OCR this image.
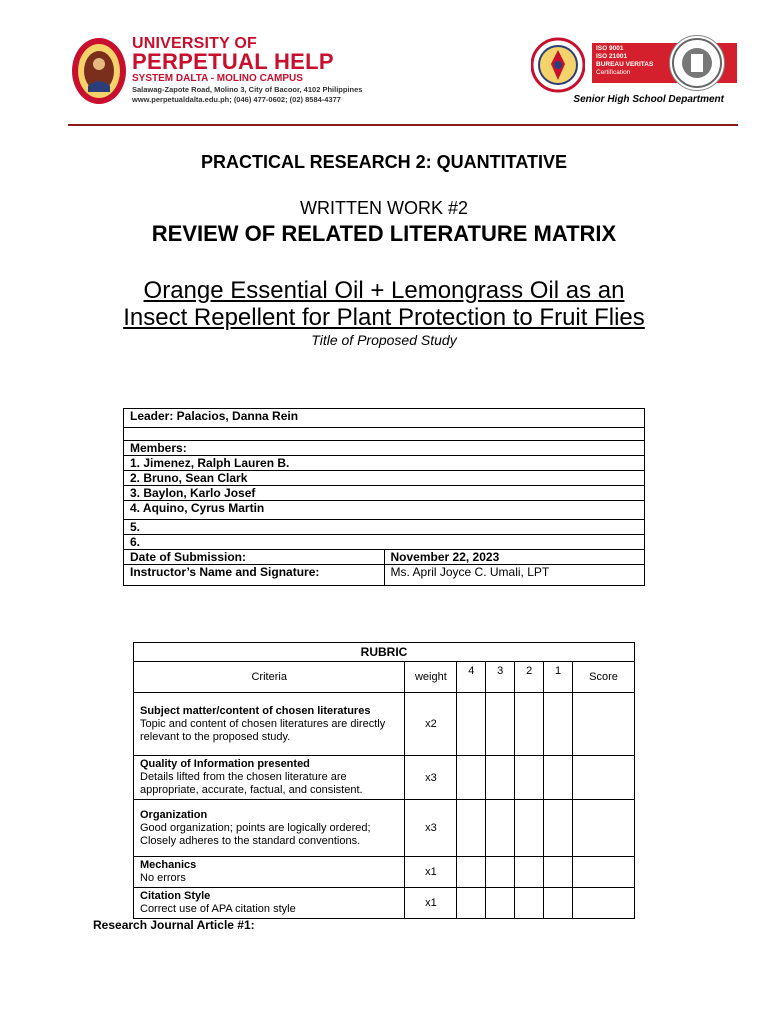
UNIVERSITY OF
PERPETUAL HELP
SYSTEM DALTA - MOLINO CAMPUS
Salawag-Zapote Road, Molino 3, City of Bacoor, 4102 Philippines
www.perpetualdalta.edu.ph; (046) 477-0602; (02) 8584-4377
ISO 9001
ISO 21001
BUREAU VERITAS
Certification
Senior High School Department
PRACTICAL RESEARCH 2: QUANTITATIVE
WRITTEN WORK #2
REVIEW OF RELATED LITERATURE MATRIX
Orange Essential Oil + Lemongrass Oil as an
Insect Repellent for Plant Protection to Fruit Flies
Title of Proposed Study
Leader: Palacios, Danna Rein	

Members:	
1. Jimenez, Ralph Lauren B.	
2. Bruno, Sean Clark	
3. Baylon, Karlo Josef	
4. Aquino, Cyrus Martin	
5.	
6.	
Date of Submission:	November 22, 2023
Instructor’s Name and Signature:	Ms. April Joyce C. Umali, LPT
RUBRIC						
Criteria	weight	4	3	2	1	Score

Subject matter/content of chosen literatures
Topic and content of chosen literatures are directly relevant to the proposed study.	x2					

Quality of Information presented
Details lifted from the chosen literature are appropriate, accurate, factual, and consistent.	x3					

Organization
Good organization; points are logically ordered; Closely adheres to the standard conventions.	x3					

Mechanics
No errors	x1					

Citation Style
Correct use of APA citation style	x1					
Research Journal Article #1:
